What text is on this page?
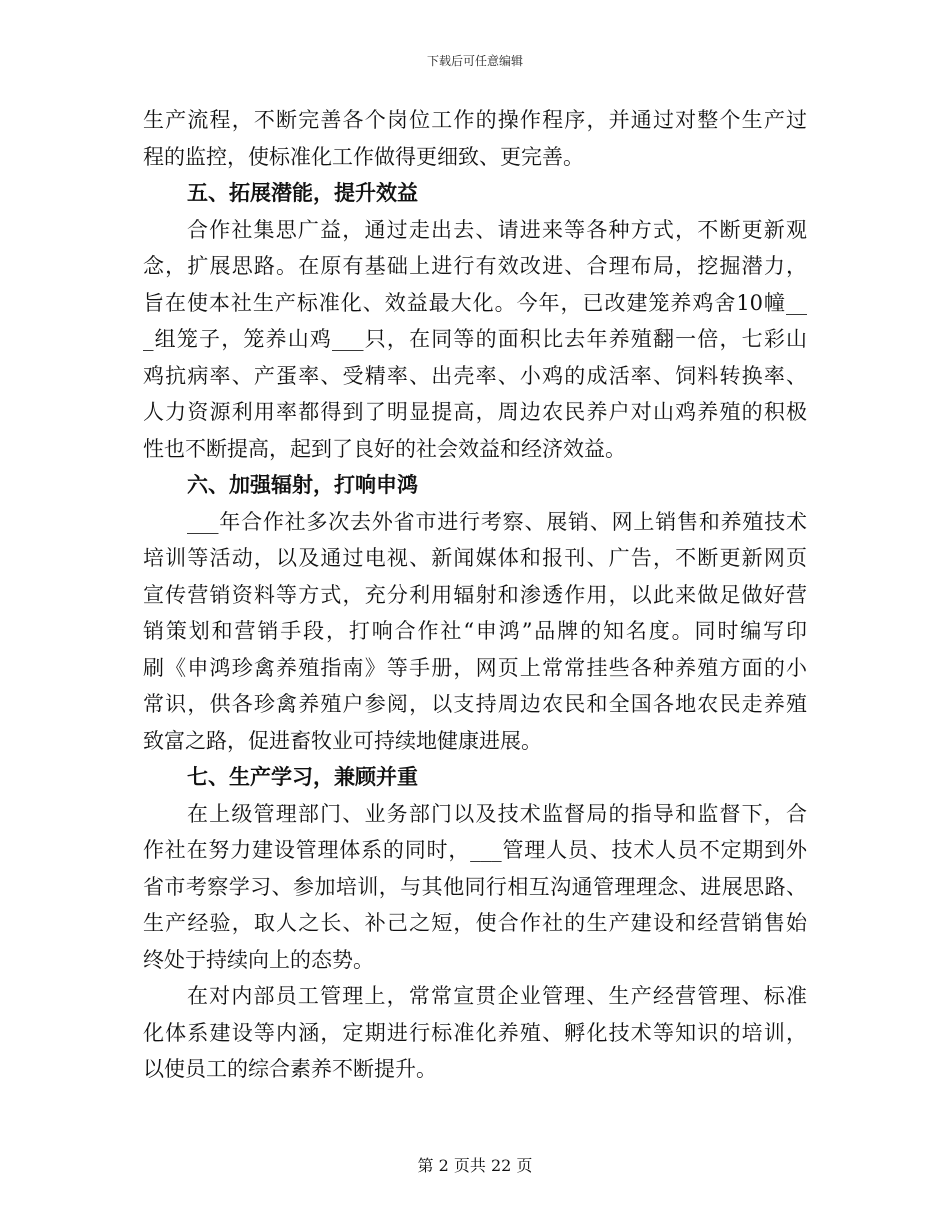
下载后可任意编辑
生产流程，不断完善各个岗位工作的操作程序，并通过对整个生产过
程的监控，使标准化工作做得更细致、更完善。
五、拓展潜能，提升效益
合作社集思广益，通过走出去、请进来等各种方式，不断更新观
念，扩展思路。在原有基础上进行有效改进、合理布局，挖掘潜力，
旨在使本社生产标准化、效益最大化。今年，已改建笼养鸡舍10幢__
_组笼子，笼养山鸡___只，在同等的面积比去年养殖翻一倍，七彩山
鸡抗病率、产蛋率、受精率、出壳率、小鸡的成活率、饲料转换率、
人力资源利用率都得到了明显提高，周边农民养户对山鸡养殖的积极
性也不断提高，起到了良好的社会效益和经济效益。
六、加强辐射，打响申鸿
___年合作社多次去外省市进行考察、展销、网上销售和养殖技术
培训等活动，以及通过电视、新闻媒体和报刊、广告，不断更新网页
宣传营销资料等方式，充分利用辐射和渗透作用，以此来做足做好营
销策划和营销手段，打响合作社“申鸿”品牌的知名度。同时编写印
刷《申鸿珍禽养殖指南》等手册，网页上常常挂些各种养殖方面的小
常识，供各珍禽养殖户参阅，以支持周边农民和全国各地农民走养殖
致富之路，促进畜牧业可持续地健康进展。
七、生产学习，兼顾并重
在上级管理部门、业务部门以及技术监督局的指导和监督下，合
作社在努力建设管理体系的同时，___管理人员、技术人员不定期到外
省市考察学习、参加培训，与其他同行相互沟通管理理念、进展思路、
生产经验，取人之长、补己之短，使合作社的生产建设和经营销售始
终处于持续向上的态势。
在对内部员工管理上，常常宣贯企业管理、生产经营管理、标准
化体系建设等内涵，定期进行标准化养殖、孵化技术等知识的培训，
以使员工的综合素养不断提升。
第 2 页共 22 页
